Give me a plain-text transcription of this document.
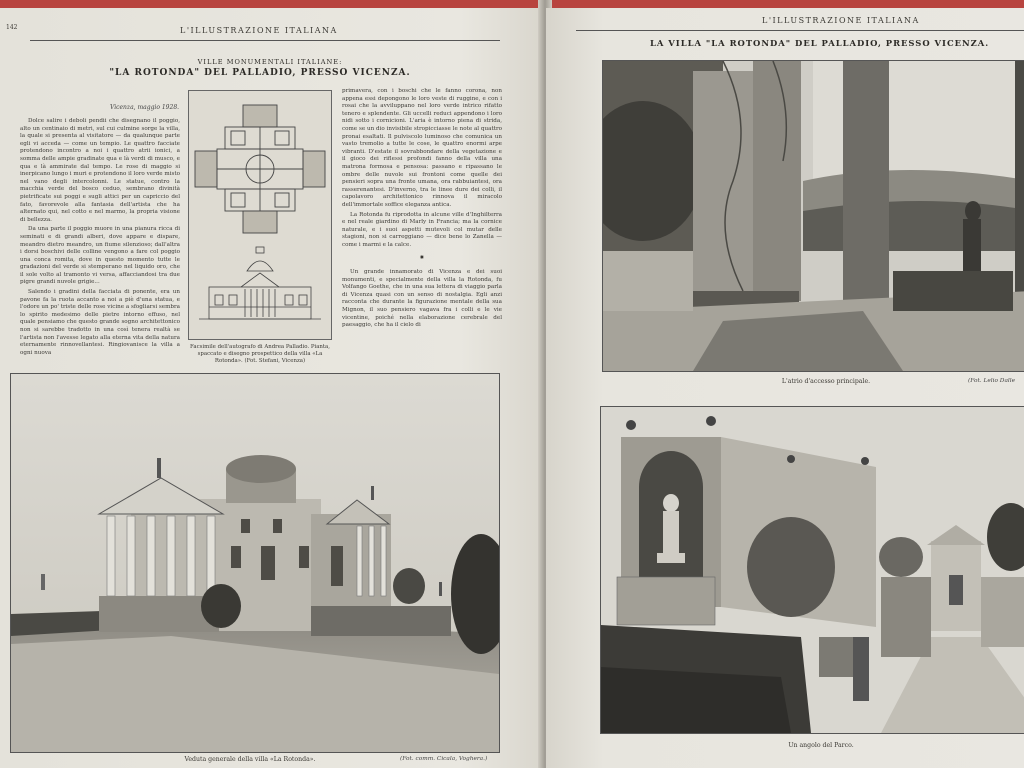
142	L'ILLUSTRAZIONE ITALIANA

Dolce salire i deboli pendii che disegnano il poggio, alto un centinaio di metri, sul cui culmine sorge la villa, la quale si presenta al visitatore — da qualunque parte egli vi acceda — come un tempio. Le quattro facciate protendono incontro a noi i quattro atrii ionici, a somma delle ampie gradinate qua e là verdi di musco, e qua e là ammirate dal tempo. Le rose di maggio si inerpicano lungo i muri e protendono il loro verde misto nel vano degli intercolonni. Le statue, contro la macchia verde del bosco ceduo, sembrano divinità pietrificate sui poggi e sugli attici per un capriccio del fato, favorevole alla fantasia dell'artista che ha alternato qui, nel cotto e nel marmo, la propria visione di bellezza.

Da una parte il poggio muore in una pianura ricca di seminati e di grandi alberi, dove appare e dispare, meandro dietro meandro, un fiume silenzioso; dall'altra i dorsi boschivi delle colline vengono a fare col poggio una conca romita, dove in questo momento tutte le gradazioni del verde si stemperano nel liquido oro, che il sole volto al tramonto vi versa, affacciandosi tra due pigre grandi nuvole grigie...

Salendo i gradini della facciata di ponente, era un pavone fa la ruota accanto a noi a piè d'una statua, e l'odore un po' triste delle rose vicine a sfogliarsi sembra lo spirito medesimo delle pietre intorno effuso, nel quale pensiamo che questo grande sogno architettonico non si sarebbe tradotto in una così tenera realtà se l'artista non l'avesse legato alla eterna vita della natura eternamente rinnovellantesi. Ringiovanisce la villa a ogni nuova

VILLE MONUMENTALI ITALIANE:
"LA ROTONDA" DEL PALLADIO, PRESSO VICENZA.
Vicenza, maggio 1928.
Facsimile dell'autografo di Andrea Palladio. Pianta, spaccato e disegno prospettico della villa «La Rotonda». (Fot. Stefani, Vicenza)

primavera, con i boschi che le fanno corona, non appena essi depongono le loro veste di ruggine, e con i rosai che la avviluppano nel loro verde intrico rifatto tenero e splendente. Gli uccelli reduci appendono i loro nidi sotto i cornicioni. L'aria è intorno piena di strida, come se un dio invisibile stropicciasse le note al quattro pronai esaltati. Il pulviscolo luminoso che comunica un vasto tremolio a tutte le cose, le quattro enormi arpe vibranti. D'estate il sovrabbondare della vegetazione e il gioco dei riflessi profondi fanno della villa una matrona formosa e pensosa: passano e ripassano le ombre delle nuvole sui frontoni come quelle dei pensieri sopra una fronte umana, ora rabbuiantesi, ora rasserenantesi. D'inverno, tra le linee dure dei colli, il capolavoro architettonico rinnova il miracolo dell'immortale soffice eleganza antica.

La Rotonda fu riprodotta in alcune ville d'Inghilterra e nel reale giardino di Marly in Francia; ma la cornice naturale, e i suoi aspetti mutevoli col mutar delle stagioni, non si carreggiano — dice bene lo Zanella — come i marmi e la calce.

✸

Un grande innamorato di Vicenza e dei suoi monumenti, e specialmente della villa la Rotonda, fu Volfango Goethe, che in una sua lettera di viaggio parla di Vicenza quasi con un senso di nostalgia. Egli anzi racconta che durante la figurazione mentale della sua Mignon, il suo pensiero vagava fra i colli e le vie vicentine, poiché nella elaborazione cerebrale del paesaggio, che ha il cielo di

Veduta generale della villa «La Rotonda».	(Fot. comm. Cicala, Voghera.)
L'ILLUSTRAZIONE ITALIANA
LA VILLA "LA ROTONDA" DEL PALLADIO, PRESSO VICENZA.
L'atrio d'accesso principale.	(Fot. Lelio Dalle
Un angolo del Parco.
